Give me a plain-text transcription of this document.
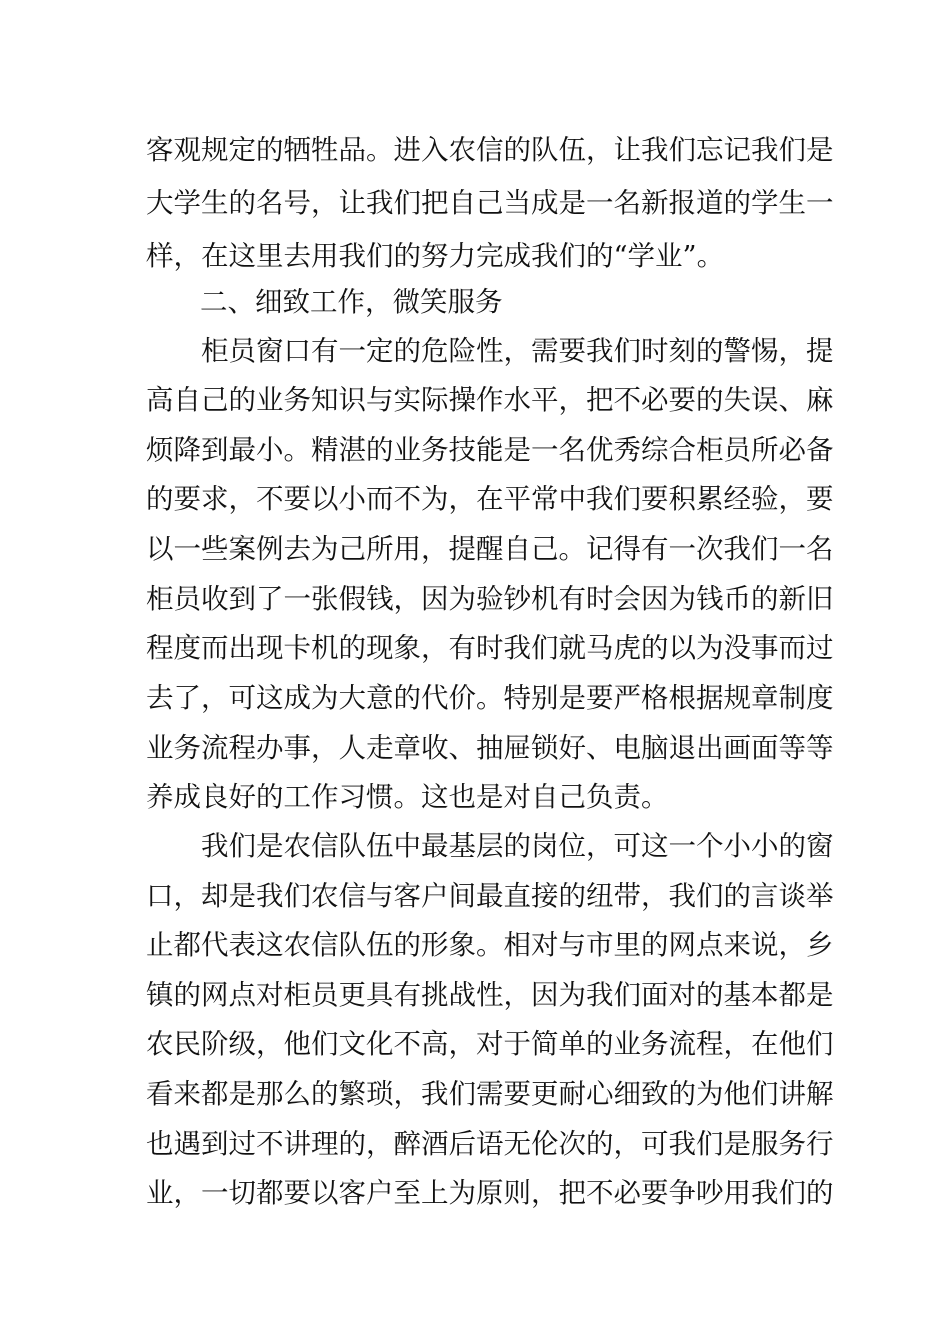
客观规定的牺牲品。进入农信的队伍，让我们忘记我们是
大学生的名号，让我们把自己当成是一名新报道的学生一
样，在这里去用我们的努力完成我们的“学业”。
二、细致工作，微笑服务
柜员窗口有一定的危险性，需要我们时刻的警惕，提
高自己的业务知识与实际操作水平，把不必要的失误、麻
烦降到最小。精湛的业务技能是一名优秀综合柜员所必备
的要求，不要以小而不为，在平常中我们要积累经验，要
以一些案例去为己所用，提醒自己。记得有一次我们一名
柜员收到了一张假钱，因为验钞机有时会因为钱币的新旧
程度而出现卡机的现象，有时我们就马虎的以为没事而过
去了，可这成为大意的代价。特别是要严格根据规章制度
业务流程办事，人走章收、抽屉锁好、电脑退出画面等等
养成良好的工作习惯。这也是对自己负责。
我们是农信队伍中最基层的岗位，可这一个小小的窗
口，却是我们农信与客户间最直接的纽带，我们的言谈举
止都代表这农信队伍的形象。相对与市里的网点来说，乡
镇的网点对柜员更具有挑战性，因为我们面对的基本都是
农民阶级，他们文化不高，对于简单的业务流程，在他们
看来都是那么的繁琐，我们需要更耐心细致的为他们讲解
也遇到过不讲理的，醉酒后语无伦次的，可我们是服务行
业，一切都要以客户至上为原则，把不必要争吵用我们的
